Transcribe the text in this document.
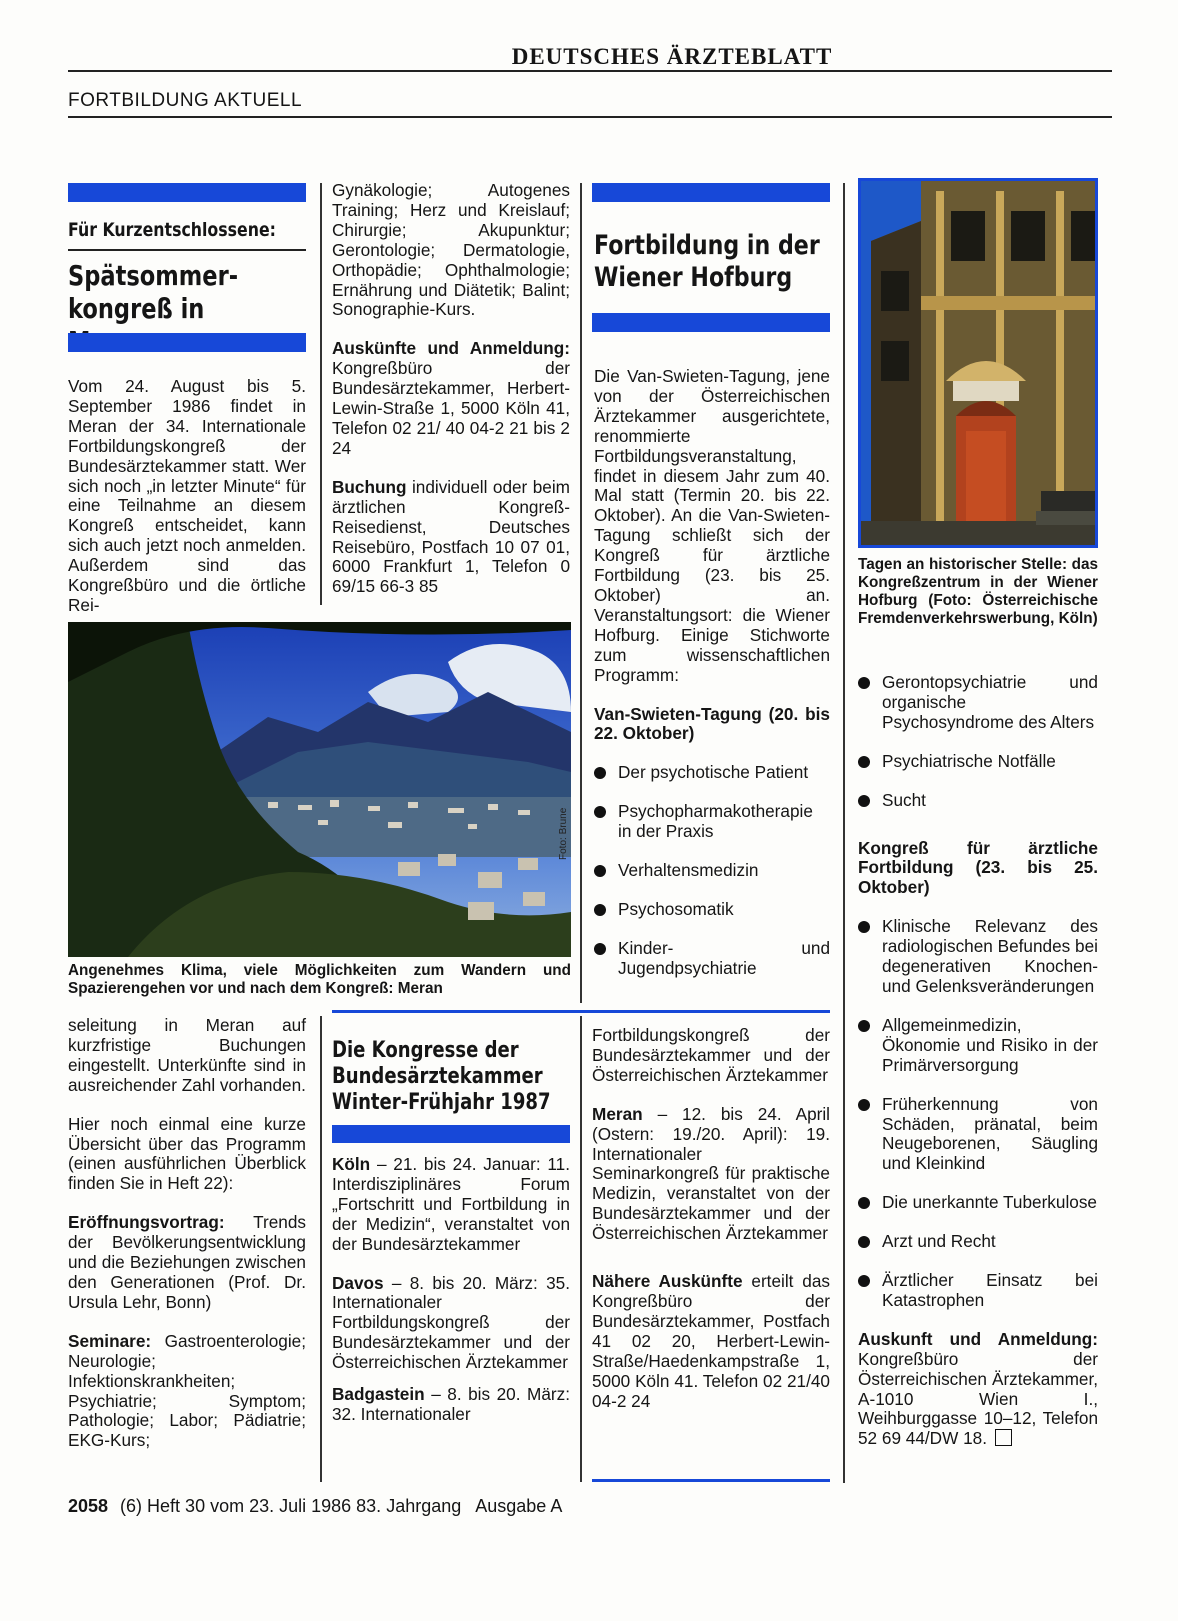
DEUTSCHES ÄRZTEBLATT
FORTBILDUNG AKTUELL
Für Kurzentschlossene:
Spätsommer-kongreß in
Vom 24. August bis 5. September 1986 findet in Meran der 34. Internationale Fortbildungskongreß der Bundesärztekammer statt. Wer sich noch „in letzter Minute“ für eine Teilnahme an diesem Kongreß entscheidet, kann sich auch jetzt noch anmelden. Außerdem sind das Kongreßbüro und die örtliche Rei-

Gynäkologie; Autogenes Training; Herz und Kreislauf; Chirurgie; Akupunktur; Gerontologie; Dermatologie, Orthopädie; Ophthalmologie; Ernährung und Diätetik; Balint; Sonographie-Kurs.

Auskünfte und Anmeldung: Kongreßbüro der Bundesärztekammer, Herbert-Lewin-Straße 1, 5000 Köln 41, Telefon 02 21/ 40 04-2 21 bis 2 24

Buchung individuell oder beim ärztlichen Kongreß-Reisedienst, Deutsches Reisebüro, Postfach 10 07 01, 6000 Frankfurt 1, Telefon 0 69/15 66-3 85

Foto: Brune
Angenehmes Klima, viele Möglichkeiten zum Wandern und Spazierengehen vor und nach dem Kongreß: Meran

seleitung in Meran auf kurzfristige Buchungen eingestellt. Unterkünfte sind in ausreichender Zahl vorhanden.

Hier noch einmal eine kurze Übersicht über das Programm (einen ausführlichen Überblick finden Sie in Heft 22):

Eröffnungsvortrag: Trends der Bevölkerungsentwicklung und die Beziehungen zwischen den Generationen (Prof. Dr. Ursula Lehr, Bonn)

Seminare: Gastroenterologie; Neurologie; Infektionskrankheiten; Psychiatrie; Symptom; Pathologie; Labor; Pädiatrie; EKG-Kurs;

Die Kongresse der Bundesärztekammer Winter-Frühjahr 1987

Köln – 21. bis 24. Januar: 11. Interdisziplinäres Forum „Fortschritt und Fortbildung in der Medizin“, veranstaltet von der Bundesärztekammer

Davos – 8. bis 20. März: 35. Internationaler Fortbildungskongreß der Bundesärztekammer und der Österreichischen Ärztekammer

Badgastein – 8. bis 20. März: 32. Internationaler

Fortbildungskongreß der Bundesärztekammer und der Österreichischen Ärztekammer

Meran – 12. bis 24. April (Ostern: 19./20. April): 19. Internationaler Seminarkongreß für praktische Medizin, veranstaltet von der Bundesärztekammer und der Österreichischen Ärztekammer

Nähere Auskünfte erteilt das Kongreßbüro der Bundesärztekammer, Postfach 41 02 20, Herbert-Lewin-Straße/Haedenkampstraße 1, 5000 Köln 41. Telefon 02 21/40 04-2 24

Fortbildung in der Wiener Hofburg

Die Van-Swieten-Tagung, jene von der Österreichischen Ärztekammer ausgerichtete, renommierte Fortbildungsveranstaltung, findet in diesem Jahr zum 40. Mal statt (Termin 20. bis 22. Oktober). An die Van-Swieten-Tagung schließt sich der Kongreß für ärztliche Fortbildung (23. bis 25. Oktober) an. Veranstaltungsort: die Wiener Hofburg. Einige Stichworte zum wissenschaftlichen Programm:

Van-Swieten-Tagung (20. bis 22. Oktober)
Der psychotische Patient
Psychopharmakotherapie in der Praxis
Verhaltensmedizin
Psychosomatik
Kinder- und Jugendpsychiatrie
Tagen an historischer Stelle: das Kongreßzentrum in der Wiener Hofburg (Foto: Österreichische Fremdenverkehrswerbung, Köln)
Gerontopsychiatrie und organische Psychosyndrome des Alters
Psychiatrische Notfälle
Sucht
Kongreß für ärztliche Fortbildung (23. bis 25. Oktober)
Klinische Relevanz des radiologischen Befundes bei degenerativen Knochen- und Gelenksveränderungen
Allgemeinmedizin, Ökonomie und Risiko in der Primärversorgung
Früherkennung von Schäden, pränatal, beim Neugeborenen, Säugling und Kleinkind
Die unerkannte Tuberkulose
Arzt und Recht
Ärztlicher Einsatz bei Katastrophen

Auskunft und Anmeldung: Kongreßbüro der Österreichischen Ärztekammer, A-1010 Wien I., Weihburggasse 10–12, Telefon 52 69 44/DW 18.

2058 (6) Heft 30 vom 23. Juli 1986 83. Jahrgang   Ausgabe A
